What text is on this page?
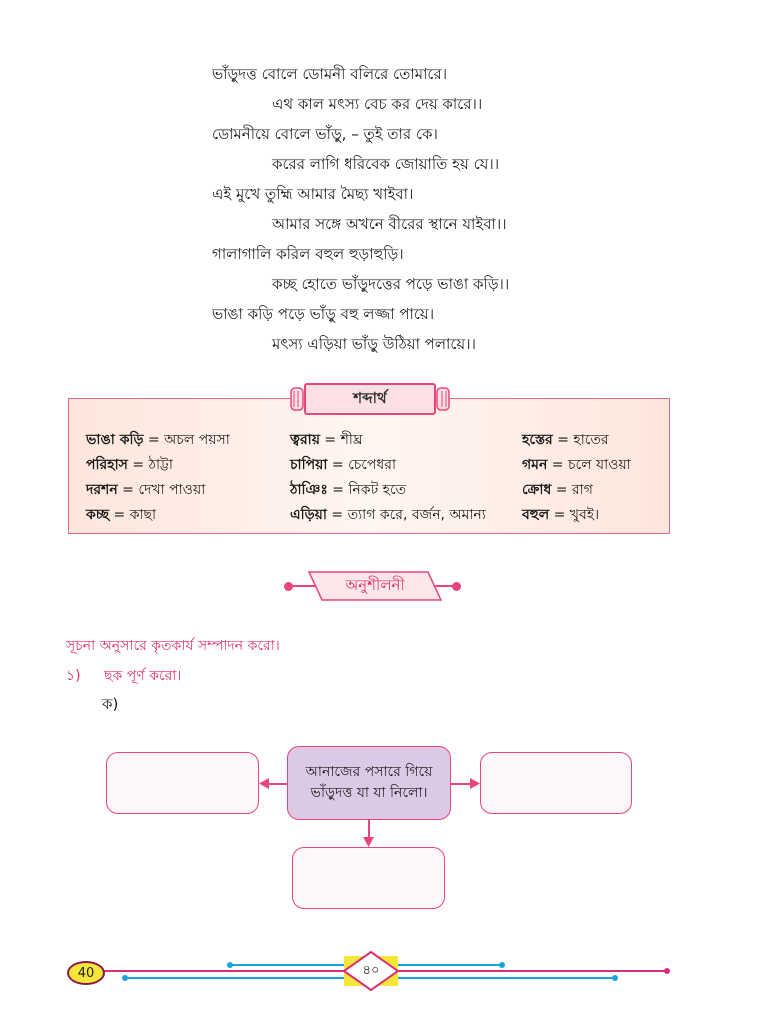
ভাঁড়ুদত্ত বোলে ডোমনী বলিরে তোমারে।
এথ কাল মৎস্য বেচ কর দেয় কারে।।
ডোমনীয়ে বোলে ভাঁড়ু, – তুই তার কে।
করের লাগি ধরিবেক জোয়াতি হয় যে।।
এই মুখে তুহ্মি আমার মৈছ্য খাইবা।
আমার সঙ্গে অখনে বীরের স্থানে যাইবা।।
গালাগালি করিল বহুল হুড়াহুড়ি।
কচ্ছ হোতে ভাঁড়ুদত্তের পড়ে ভাঙা কড়ি।।
ভাঙা কড়ি পড়ে ভাঁড়ু বহু লজ্জা পায়ে।
মৎস্য এড়িয়া ভাঁড়ু উঠিয়া পলায়ে।।
শব্দার্থ
ভাঙা কড়ি = অচল পয়সা
পরিহাস = ঠাট্টা
দরশন = দেখা পাওয়া
কচ্ছ = কাছা
ত্বরায় = শীঘ্র
চাপিয়া = চেপেধরা
ঠাঞিঃ = নিকট হতে
এড়িয়া = ত্যাগ করে, বর্জন, অমান্য
হস্তের = হাতের
গমন = চলে যাওয়া
ক্রোধ = রাগ
বহুল = খুবই।
অনুশীলনী
সূচনা অনুসারে কৃতকার্য সম্পাদন করো।
১) ছক পূর্ণ করো।
ক)
আনাজের পসারে গিয়ে
ভাঁড়ুদত্ত যা যা নিলো।
40	৪০
